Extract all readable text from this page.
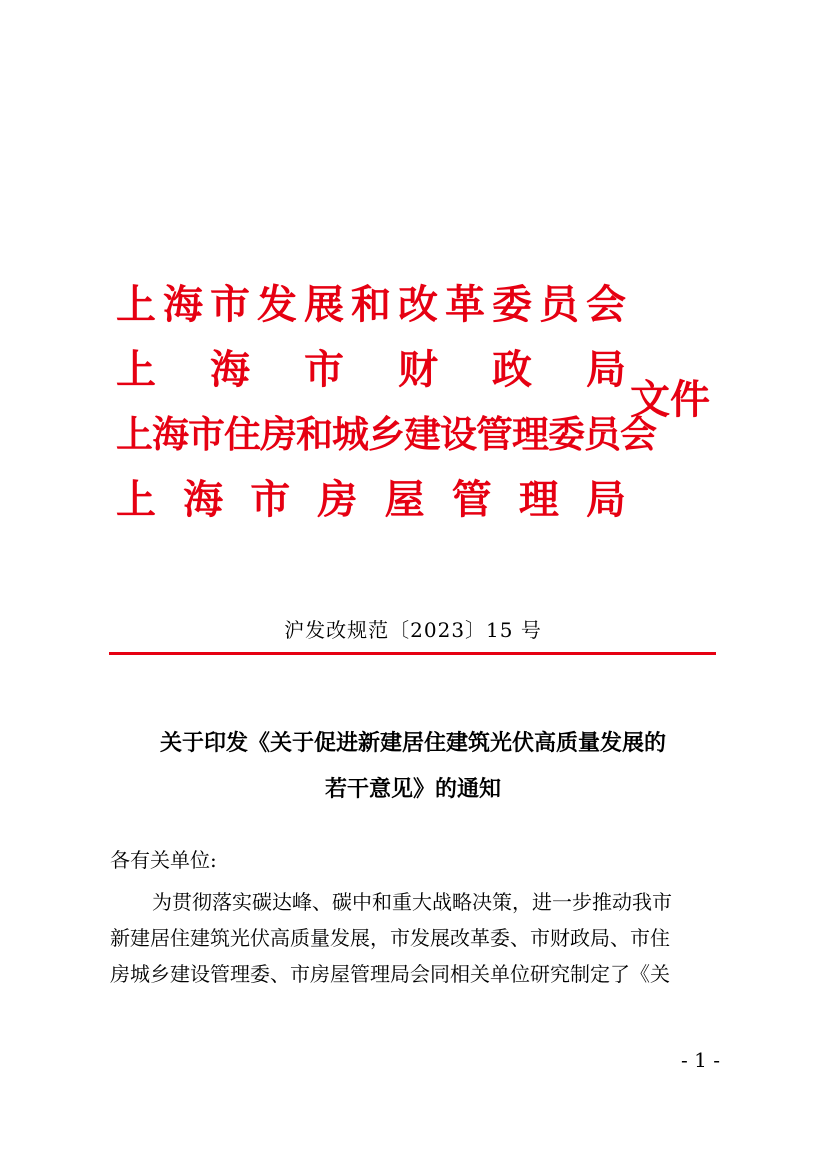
上 海 市 发 展 和 改 革 委 员 会
上 海 市 财 政 局
上海市住房和城乡建设管理委员会
上 海 市 房 屋 管 理 局
文件
沪发改规范〔2023〕15 号
关于印发《关于促进新建居住建筑光伏高质量发展的
若干意见》的通知
各有关单位:
为贯彻落实碳达峰、碳中和重大战略决策，进一步推动我市
新建居住建筑光伏高质量发展，市发展改革委、市财政局、市住
房城乡建设管理委、市房屋管理局会同相关单位研究制定了《关
- 1 -
